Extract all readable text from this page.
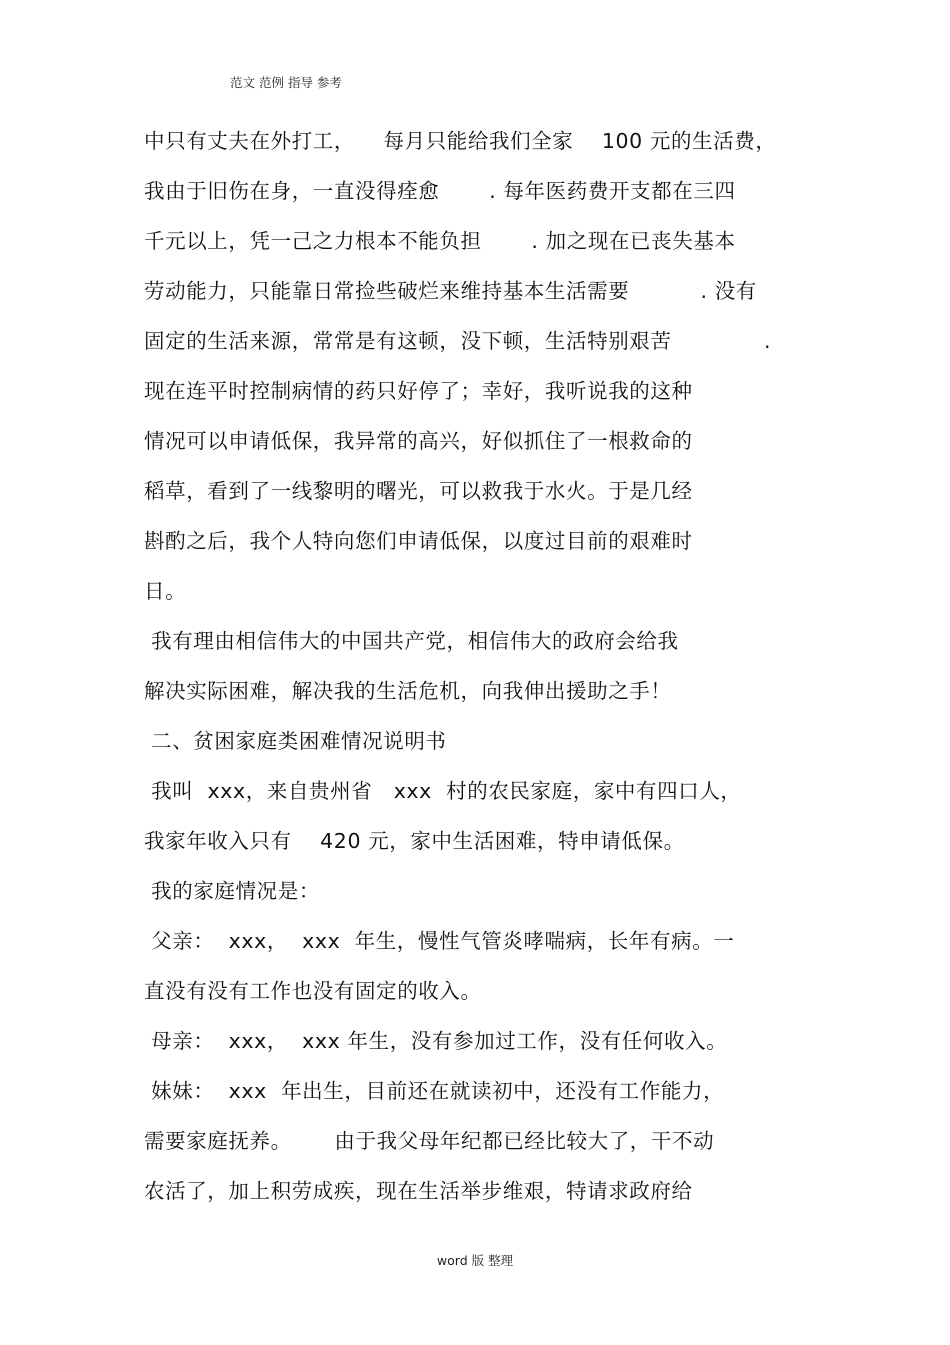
范文 范例 指导 参考
中只有丈夫在外打工，    每月只能给我们全家    100 元的生活费，
我由于旧伤在身，一直没得痊愈       . 每年医药费开支都在三四
千元以上，凭一己之力根本不能负担       . 加之现在已丧失基本
劳动能力，只能靠日常捡些破烂来维持基本生活需要          . 没有
固定的生活来源，常常是有这顿，没下顿，生活特别艰苦             .
现在连平时控制病情的药只好停了；幸好，我听说我的这种
情况可以申请低保，我异常的高兴，好似抓住了一根救命的
稻草，看到了一线黎明的曙光，可以救我于水火。于是几经
斟酌之后，我个人特向您们申请低保，以度过目前的艰难时
日。
我有理由相信伟大的中国共产党，相信伟大的政府会给我
解决实际困难，解决我的生活危机，向我伸出援助之手！
二、贫困家庭类困难情况说明书
我叫  xxx，来自贵州省   xxx  村的农民家庭，家中有四口人，
我家年收入只有    420 元，家中生活困难，特申请低保。
我的家庭情况是：
父亲：  xxx，  xxx  年生，慢性气管炎哮喘病，长年有病。一
直没有没有工作也没有固定的收入。
母亲：  xxx，  xxx 年生，没有参加过工作，没有任何收入。
妹妹：  xxx  年出生，目前还在就读初中，还没有工作能力，
需要家庭抚养。      由于我父母年纪都已经比较大了，干不动
农活了，加上积劳成疾，现在生活举步维艰，特请求政府给
word 版 整理
